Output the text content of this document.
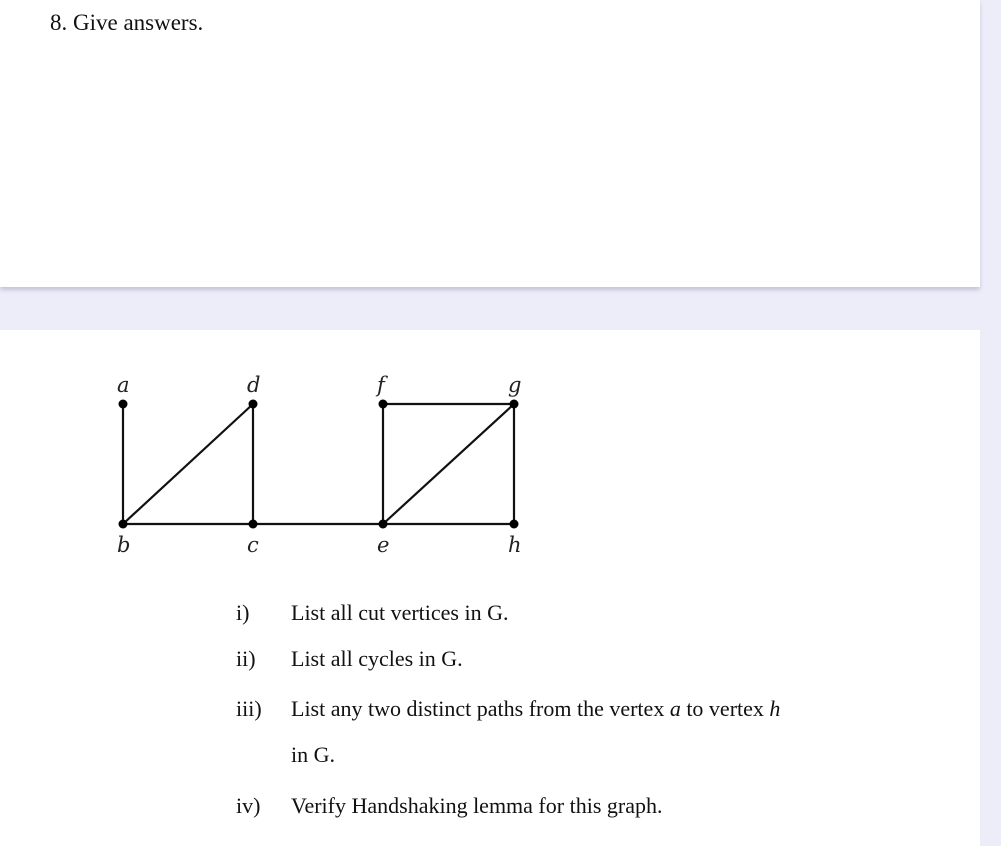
8. Give answers.
i) List all cut vertices in G.
ii) List all cycles in G.
iii) List any two distinct paths from the vertex a to vertex h
in G.
iv) Verify Handshaking lemma for this graph.
a	d	f	g
b	c	e	h
